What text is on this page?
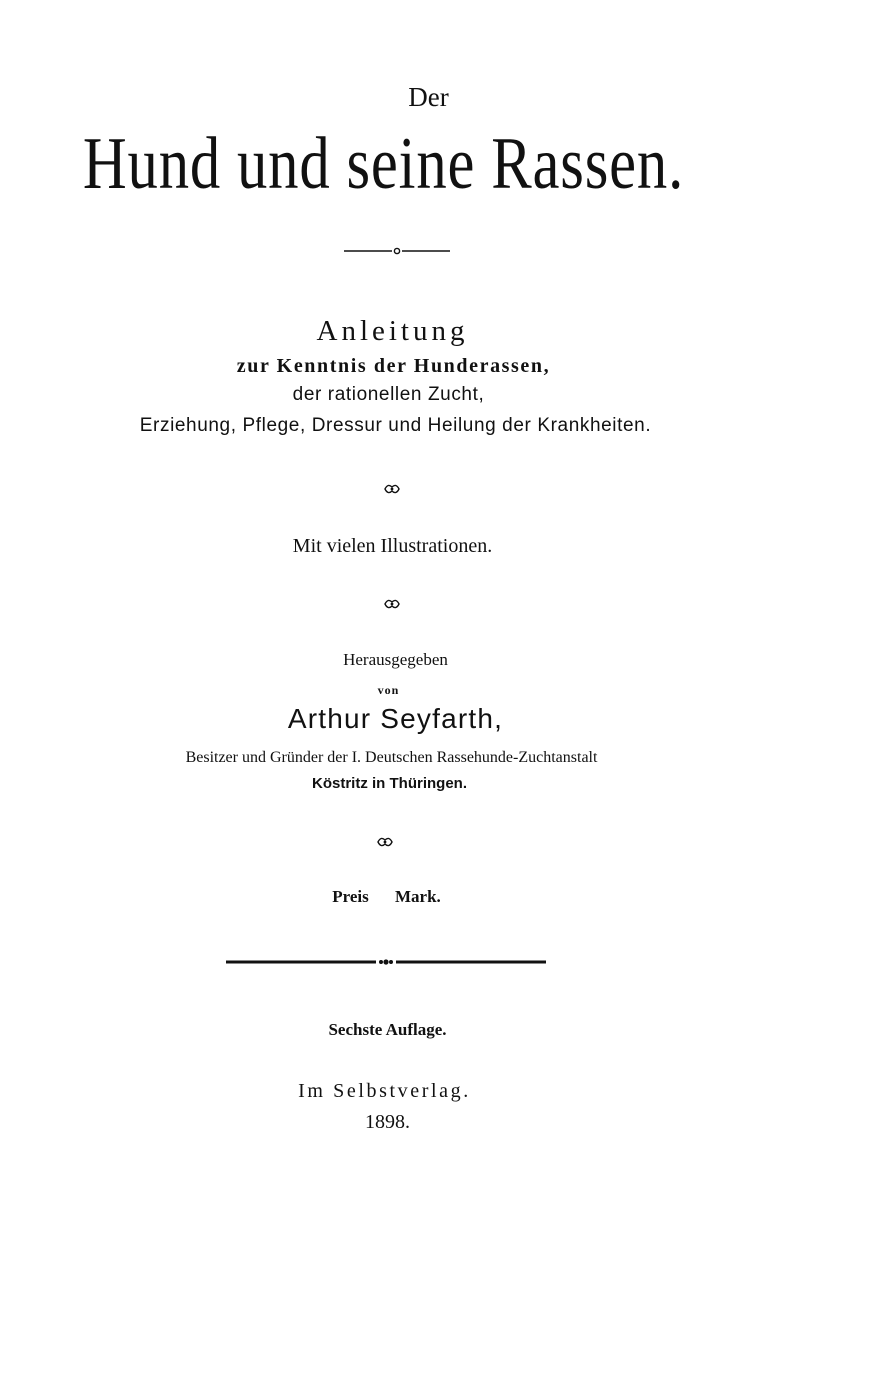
Der
Hund und seine Rassen.
Anleitung
zur Kenntnis der Hunderassen,
der rationellen Zucht,
Erziehung, Pflege, Dressur und Heilung der Krankheiten.
Mit vielen Illustrationen.
Herausgegeben
von
Arthur Seyfarth,
Besitzer und Gründer der I. Deutschen Rassehunde-Zuchtanstalt
Köstritz in Thüringen.
Preis Mark.
Sechste Auflage.
Im Selbstverlag.
1898.
